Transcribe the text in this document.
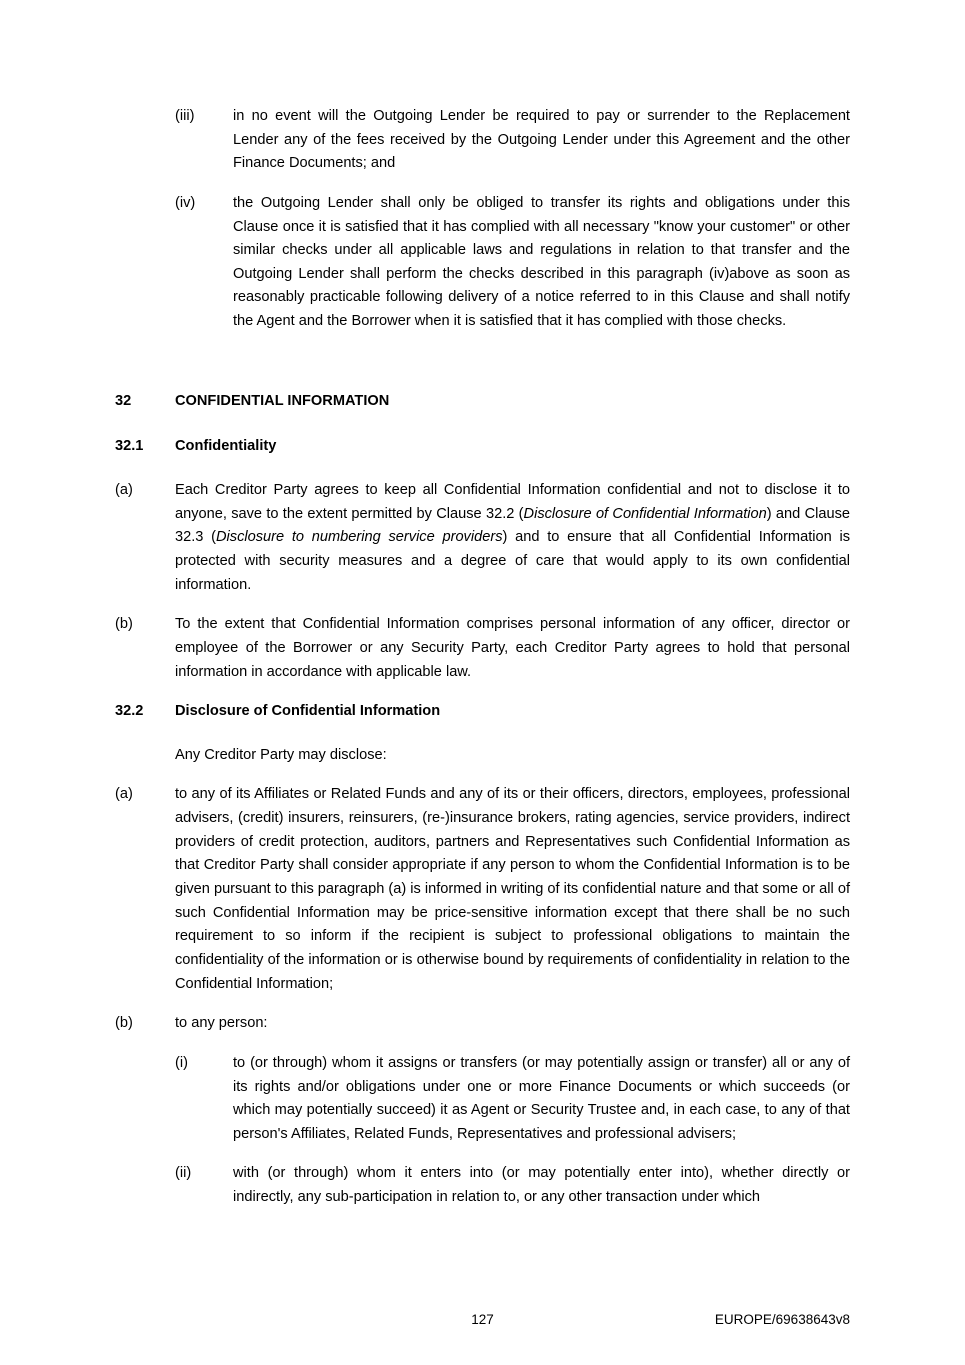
(iii)	in no event will the Outgoing Lender be required to pay or surrender to the Replacement Lender any of the fees received by the Outgoing Lender under this Agreement and the other Finance Documents; and
(iv)	the Outgoing Lender shall only be obliged to transfer its rights and obligations under this Clause once it is satisfied that it has complied with all necessary "know your customer" or other similar checks under all applicable laws and regulations in relation to that transfer and the Outgoing Lender shall perform the checks described in this paragraph (iv)above as soon as reasonably practicable following delivery of a notice referred to in this Clause and shall notify the Agent and the Borrower when it is satisfied that it has complied with those checks.
32	CONFIDENTIAL INFORMATION
32.1	Confidentiality
(a)	Each Creditor Party agrees to keep all Confidential Information confidential and not to disclose it to anyone, save to the extent permitted by Clause 32.2 (Disclosure of Confidential Information) and Clause 32.3 (Disclosure to numbering service providers) and to ensure that all Confidential Information is protected with security measures and a degree of care that would apply to its own confidential information.
(b)	To the extent that Confidential Information comprises personal information of any officer, director or employee of the Borrower or any Security Party, each Creditor Party agrees to hold that personal information in accordance with applicable law.
32.2	Disclosure of Confidential Information
Any Creditor Party may disclose:
(a)	to any of its Affiliates or Related Funds and any of its or their officers, directors, employees, professional advisers, (credit) insurers, reinsurers, (re-)insurance brokers, rating agencies, service providers, indirect providers of credit protection, auditors, partners and Representatives such Confidential Information as that Creditor Party shall consider appropriate if any person to whom the Confidential Information is to be given pursuant to this paragraph (a) is informed in writing of its confidential nature and that some or all of such Confidential Information may be price-sensitive information except that there shall be no such requirement to so inform if the recipient is subject to professional obligations to maintain the confidentiality of the information or is otherwise bound by requirements of confidentiality in relation to the Confidential Information;
(b)	to any person:
(i)	to (or through) whom it assigns or transfers (or may potentially assign or transfer) all or any of its rights and/or obligations under one or more Finance Documents or which succeeds (or which may potentially succeed) it as Agent or Security Trustee and, in each case, to any of that person's Affiliates, Related Funds, Representatives and professional advisers;
(ii)	with (or through) whom it enters into (or may potentially enter into), whether directly or indirectly, any sub-participation in relation to, or any other transaction under which
127	EUROPE/69638643v8
